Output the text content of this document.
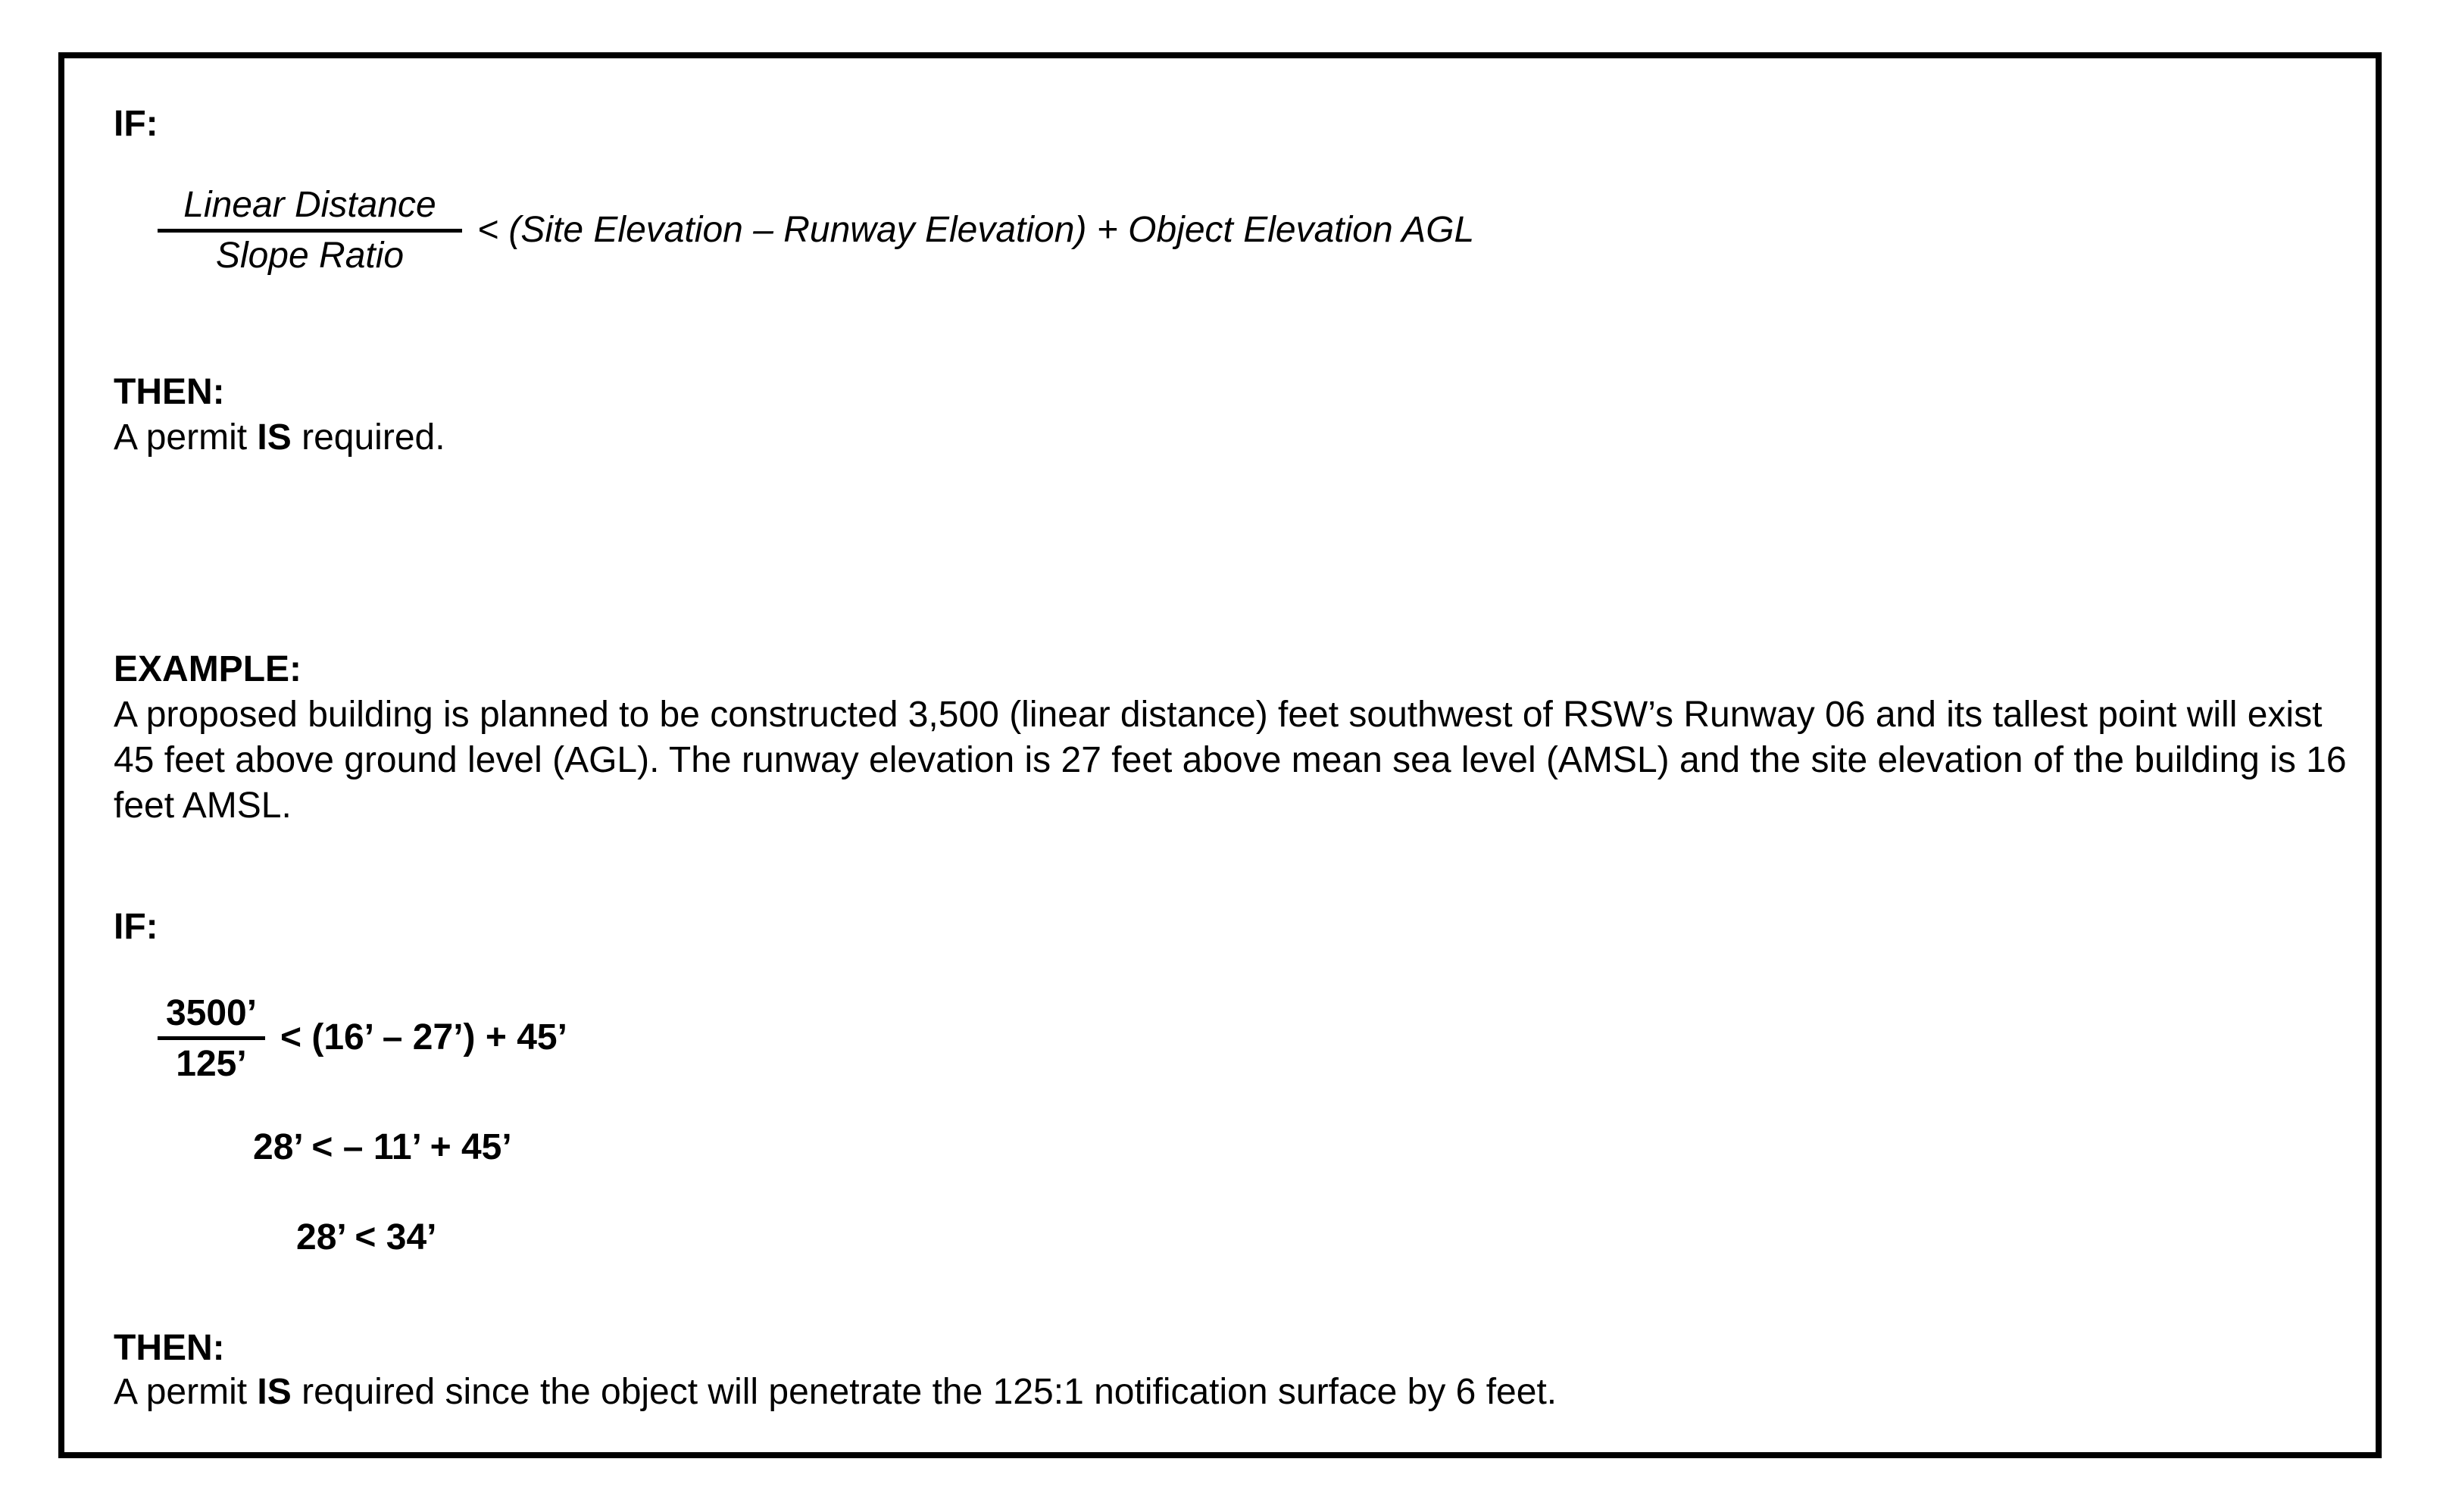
IF:
Linear Distance
Slope Ratio
< (Site Elevation – Runway Elevation) + Object Elevation AGL
THEN:
A permit IS required.
EXAMPLE:
A proposed building is planned to be constructed 3,500 (linear distance) feet southwest of RSW’s Runway 06 and its tallest point will exist 45 feet above ground level (AGL). The runway elevation is 27 feet above mean sea level (AMSL) and the site elevation of the building is 16 feet AMSL.
IF:
3500’
125’
< (16’ – 27’) + 45’
28’ < – 11’ + 45’
28’ < 34’
THEN:
A permit IS required since the object will penetrate the 125:1 notification surface by 6 feet.
